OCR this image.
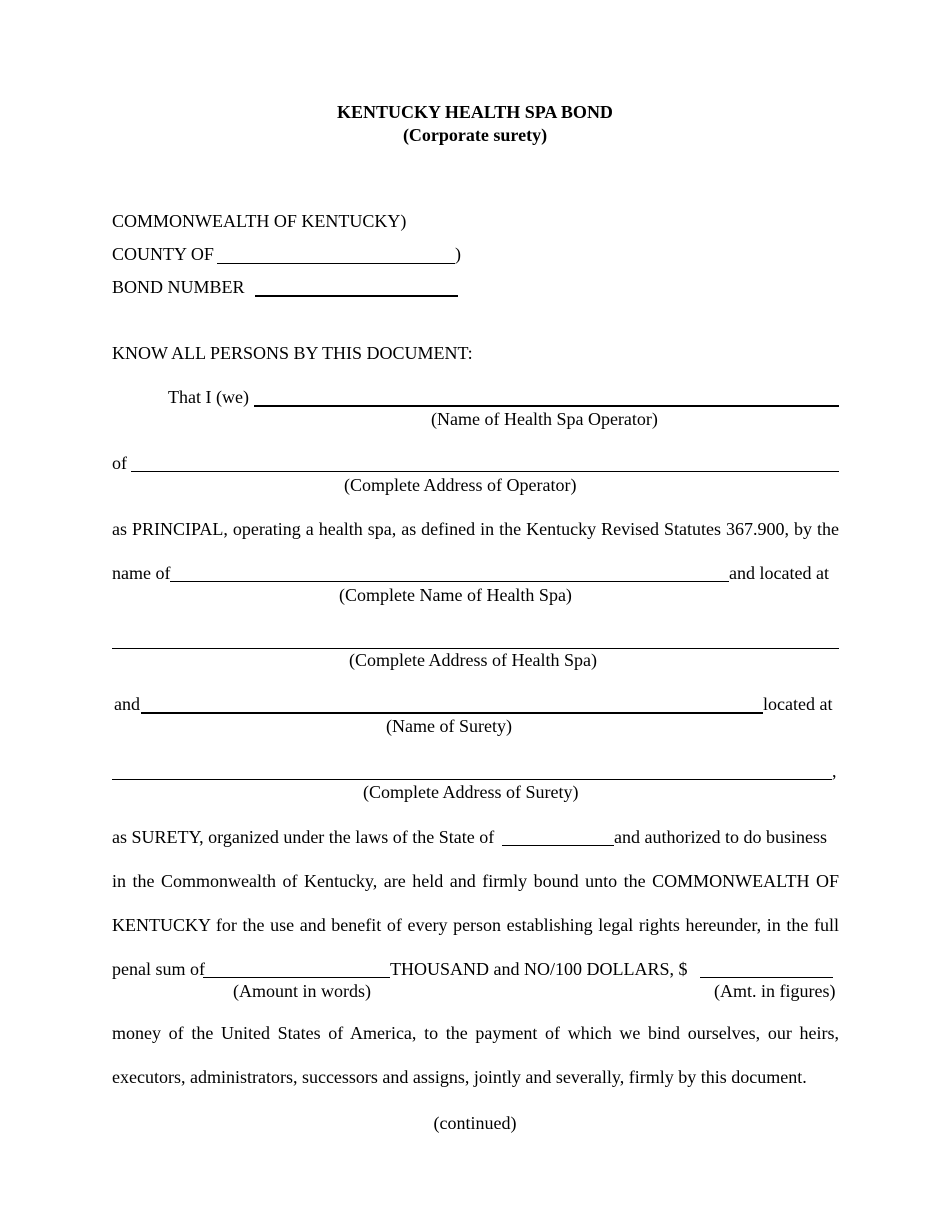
KENTUCKY HEALTH SPA BOND
(Corporate surety)
COMMONWEALTH OF KENTUCKY)
COUNTY OF	)
BOND NUMBER
KNOW ALL PERSONS BY THIS DOCUMENT:
That I (we)
(Name of Health Spa Operator)
of
(Complete Address of Operator)
as PRINCIPAL, operating a health spa, as defined in the Kentucky Revised Statutes 367.900, by the
name of	and located at
(Complete Name of Health Spa)
(Complete Address of Health Spa)
and	located at
(Name of Surety)
,
(Complete Address of Surety)
as SURETY, organized under the laws of the State of	and authorized to do business
in the Commonwealth of Kentucky, are held and firmly bound unto the COMMONWEALTH OF
KENTUCKY for the use and benefit of every person establishing legal rights hereunder, in the full
penal sum of	THOUSAND and NO/100 DOLLARS, $
(Amount in words)	(Amt. in figures)
money of the United States of America, to the payment of which we bind ourselves, our heirs,
executors, administrators, successors and assigns, jointly and severally, firmly by this document.
(continued)
